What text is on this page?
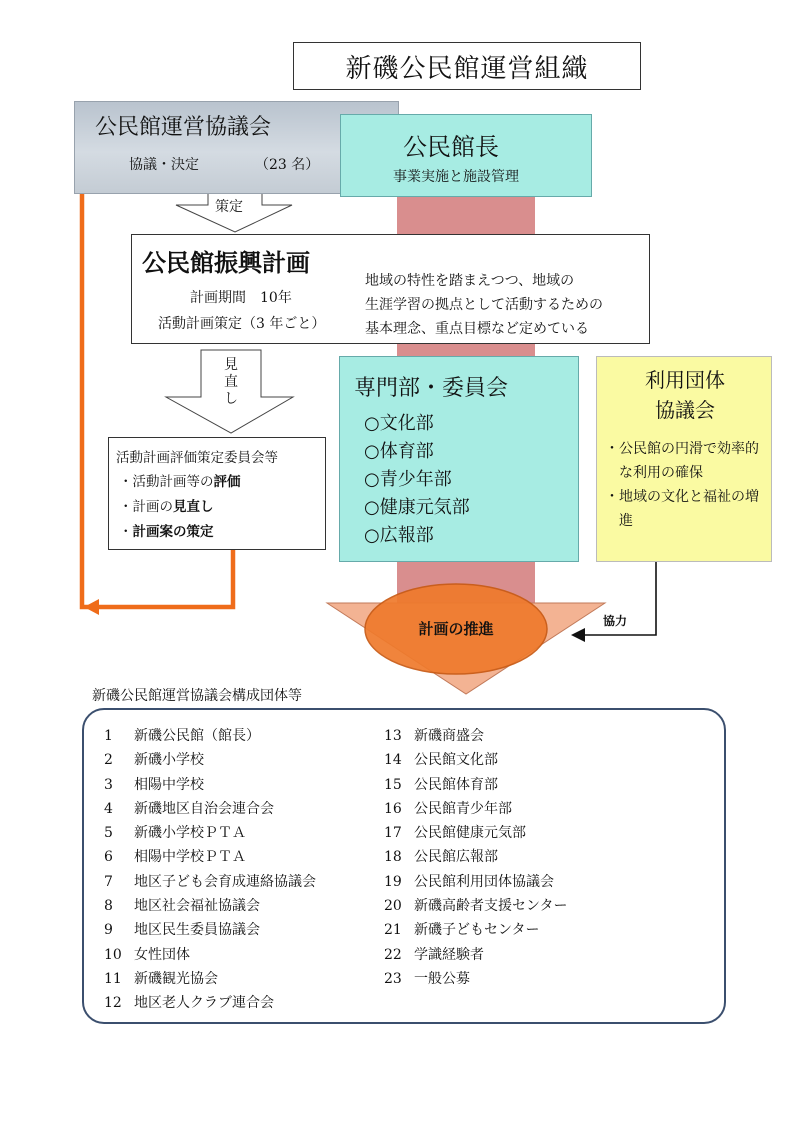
新磯公民館運営組織
公民館運営協議会
協議・決定	（23 名）
公民館長
事業実施と施設管理
策定
公民館振興計画
計画期間　10年
活動計画策定（3 年ごと）
地域の特性を踏まえつつ、地域の
生涯学習の拠点として活動するための
基本理念、重点目標など定めている
見直し	専門部・委員会
○文化部
○体育部
○青少年部
○健康元気部
○広報部
利用団体
協議会
・公民館の円滑で効率的な利用の確保
・地域の文化と福祉の増進
活動計画評価策定委員会等
・活動計画等の評価
・計画の見直し
・計画案の策定
計画の推進	協力
新磯公民館運営協議会構成団体等
1	新磯公民館（館長）
2	新磯小学校
3	相陽中学校
4	新磯地区自治会連合会
5	新磯小学校ＰＴＡ
6	相陽中学校ＰＴＡ
7	地区子ども会育成連絡協議会
8	地区社会福祉協議会
9	地区民生委員協議会
10 女性団体
11 新磯観光協会
12 地区老人クラブ連合会
13 新磯商盛会
14 公民館文化部
15 公民館体育部
16 公民館青少年部
17 公民館健康元気部
18 公民館広報部
19 公民館利用団体協議会
20 新磯高齢者支援センター
21 新磯子どもセンター
22 学識経験者
23 一般公募
